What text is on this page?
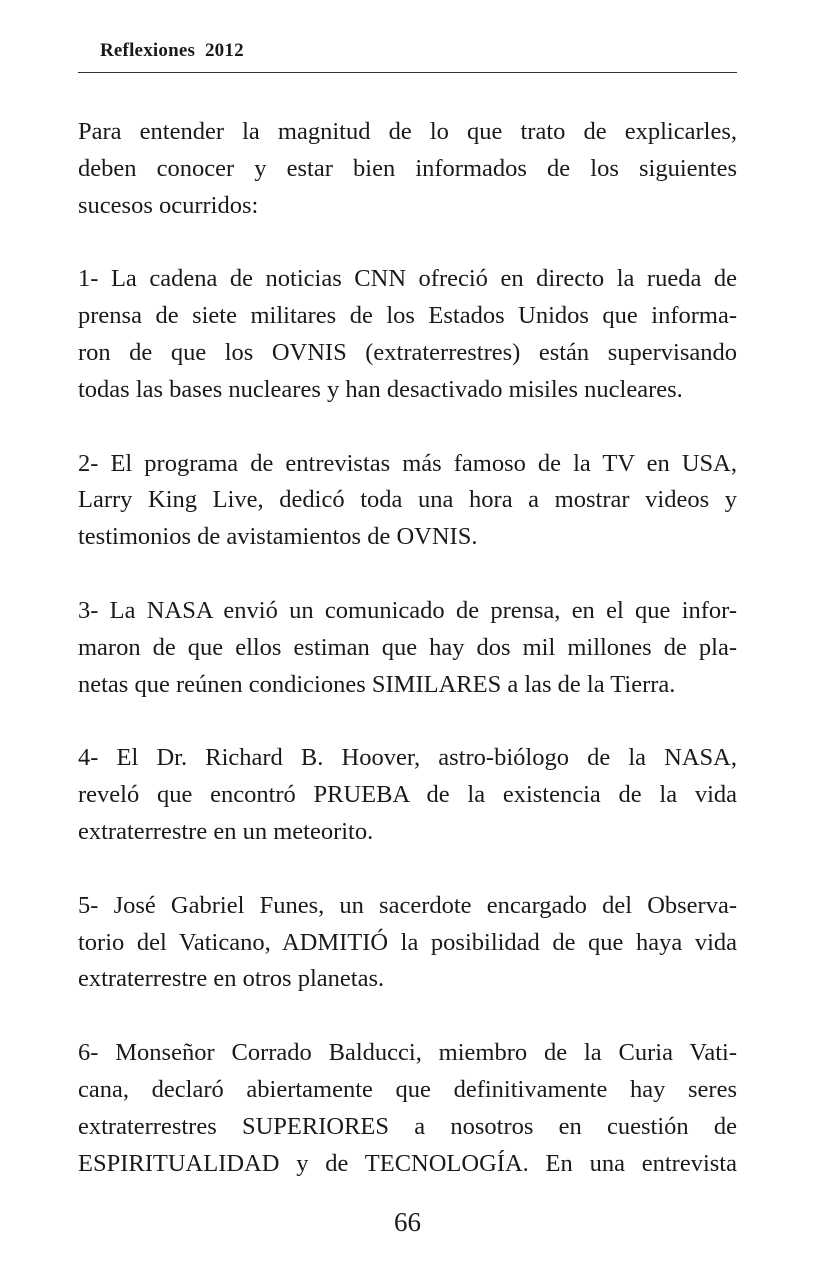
Reflexiones  2012

Para entender la magnitud de lo que trato de explicarles,
deben conocer y estar bien informados de los siguientes
sucesos ocurridos:

1- La cadena de noticias CNN ofreció en directo la rueda de
prensa de siete militares de los Estados Unidos que informa-
ron de que los OVNIS (extraterrestres) están supervisando
todas las bases nucleares y han desactivado misiles nucleares.

2- El programa de entrevistas más famoso de la TV en USA,
Larry King Live, dedicó toda una hora a mostrar videos y
testimonios de avistamientos de OVNIS.

3- La NASA envió un comunicado de prensa, en el que infor-
maron de que ellos estiman que hay dos mil millones de pla-
netas que reúnen condiciones SIMILARES a las de la Tierra.

4- El Dr. Richard B. Hoover, astro-biólogo de la NASA,
reveló que encontró PRUEBA de la existencia de la vida
extraterrestre en un meteorito.

5- José Gabriel Funes, un sacerdote encargado del Observa-
torio del Vaticano, ADMITIÓ la posibilidad de que haya vida
extraterrestre en otros planetas.

6- Monseñor Corrado Balducci, miembro de la Curia Vati-
cana, declaró abiertamente que definitivamente hay seres
extraterrestres SUPERIORES a nosotros en cuestión de
ESPIRITUALIDAD y de TECNOLOGÍA. En una entrevista

66
